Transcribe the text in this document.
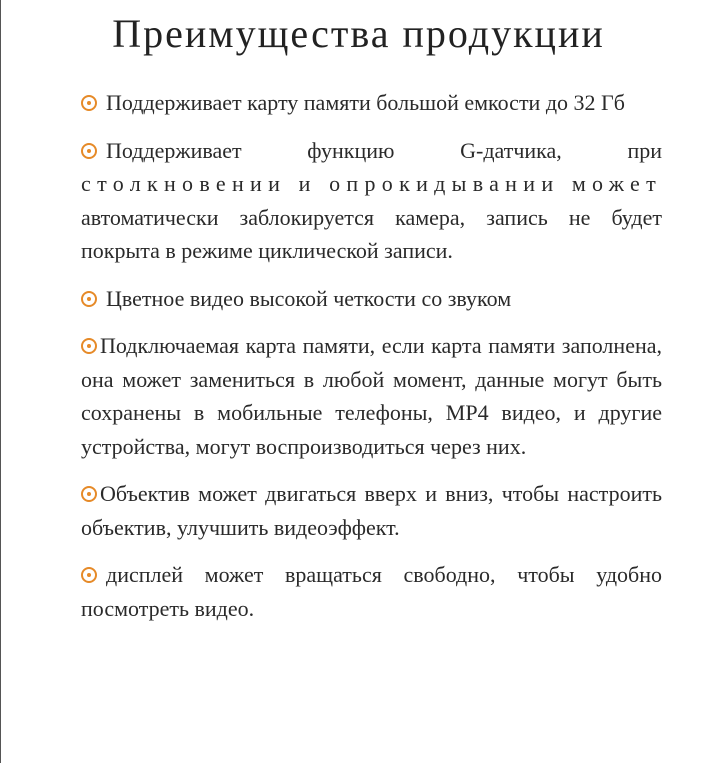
Преимущества продукции
Поддерживает карту памяти большой емкости до 32 Гб
Поддерживает функцию G-датчика, при столкновении и опрокидывании может автоматически заблокируется камера, запись не будет покрыта в режиме циклической записи.
Цветное видео высокой четкости со звуком
Подключаемая карта памяти, если карта памяти заполнена, она может замениться в любой момент, данные могут быть сохранены в мобильные телефоны, MP4 видео, и другие устройства, могут воспроизводиться через них.
Объектив может двигаться вверх и вниз, чтобы настроить объектив, улучшить видеоэффект.
дисплей может вращаться свободно, чтобы удобно посмотреть видео.
